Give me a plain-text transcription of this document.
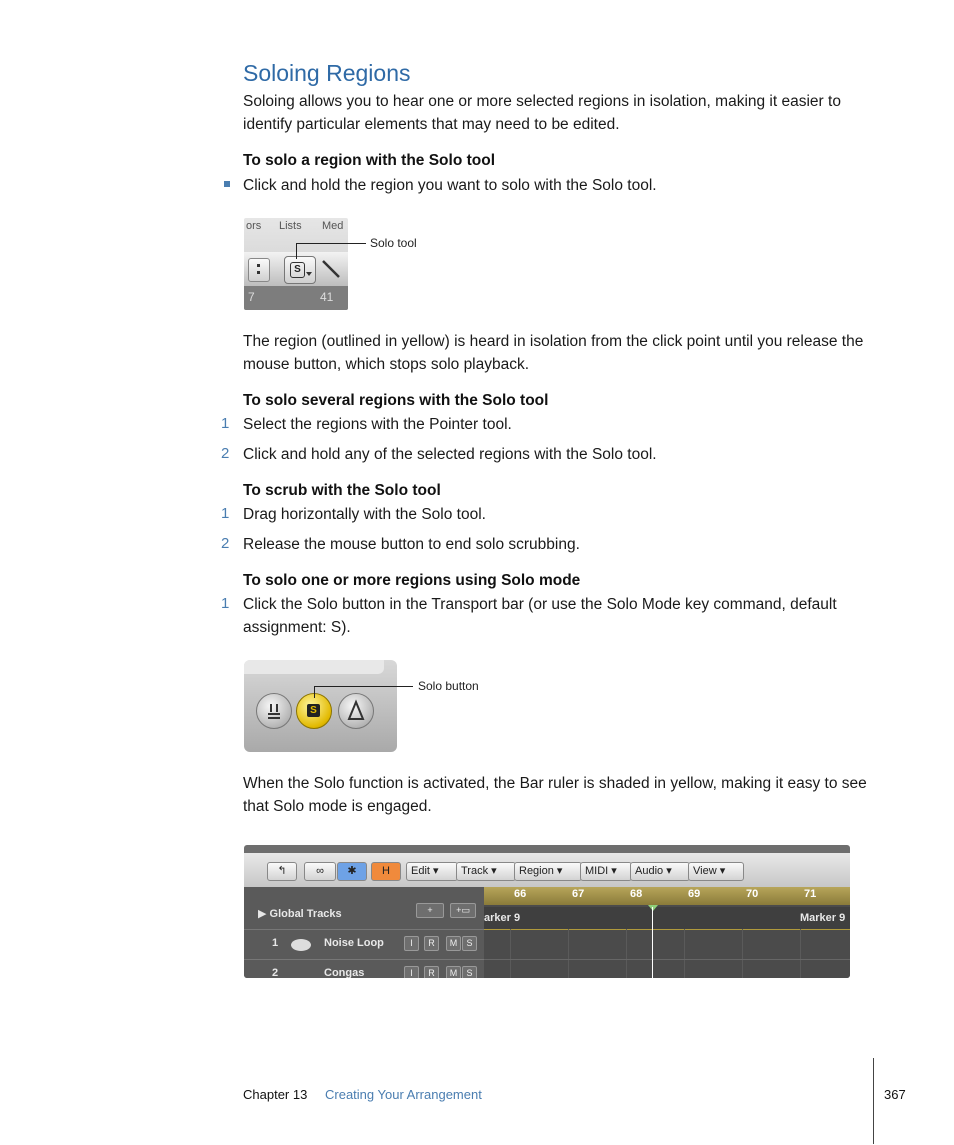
Soloing Regions
Soloing allows you to hear one or more selected regions in isolation, making it easier to identify particular elements that may need to be edited.
To solo a region with the Solo tool
Click and hold the region you want to solo with the Solo tool.
ors Lists Med
S
7	41
Solo tool
The region (outlined in yellow) is heard in isolation from the click point until you release the mouse button, which stops solo playback.
To solo several regions with the Solo tool
1 Select the regions with the Pointer tool.
2 Click and hold any of the selected regions with the Solo tool.
To scrub with the Solo tool
1 Drag horizontally with the Solo tool.
2 Release the mouse button to end solo scrubbing.
To solo one or more regions using Solo mode
1 Click the Solo button in the Transport bar (or use the Solo Mode key command, default assignment: S).
S
Solo button
When the Solo function is activated, the Bar ruler is shaded in yellow, making it easy to see that Solo mode is engaged.
↰	∞	✱	H	Edit ▾	Track ▾	Region ▾	MIDI ▾	Audio ▾	View ▾
▶ Global Tracks	+	+▭
1	Noise Loop	I	R	M	S
2	Congas	I	R	M	S
arker 9	Marker 9
66	67	68	69	70	71
Chapter 13 Creating Your Arrangement	367
